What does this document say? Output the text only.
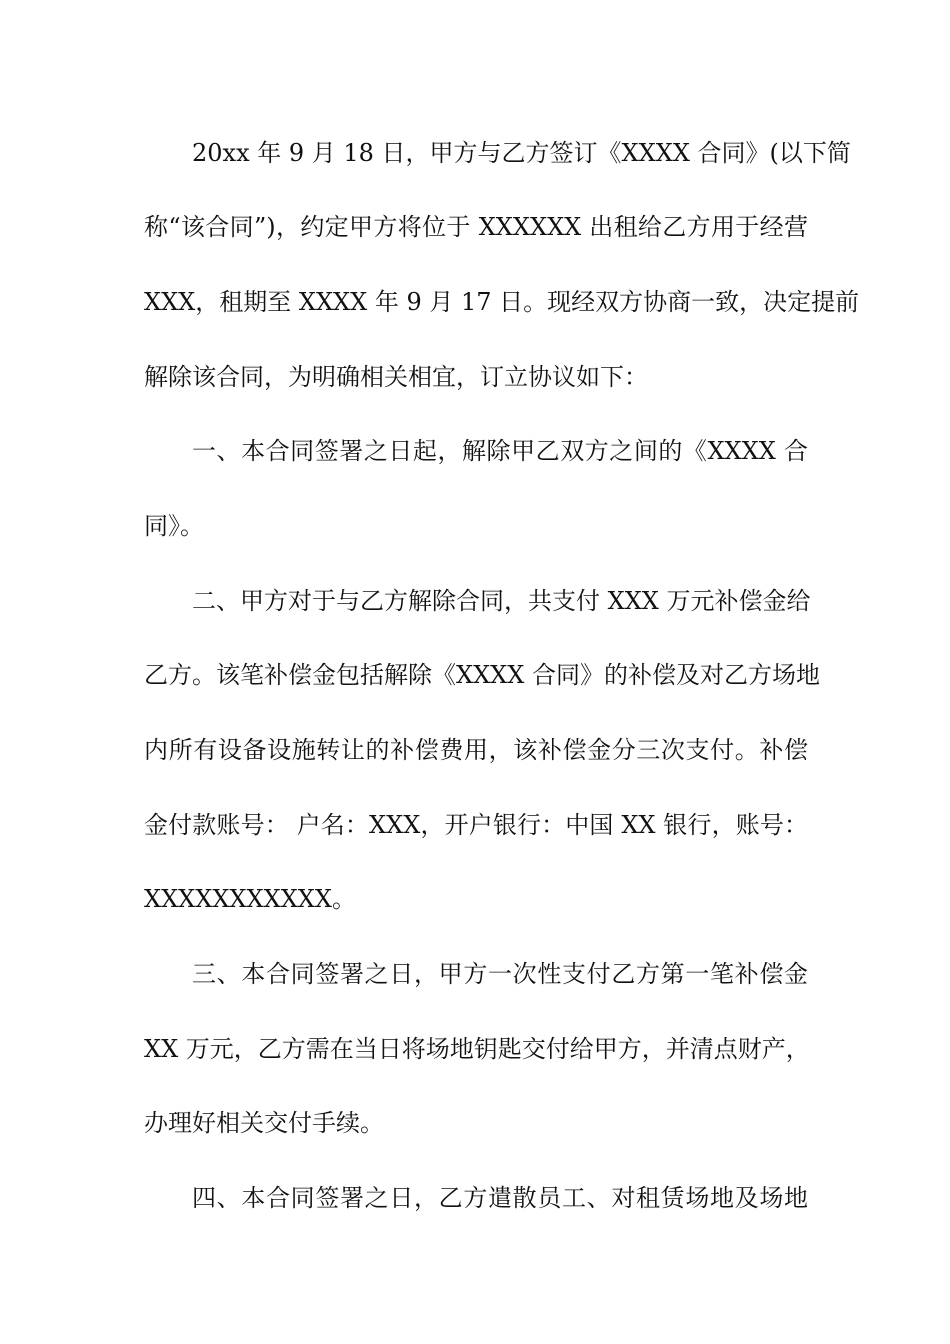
20xx 年 9 月 18 日，甲方与乙方签订《XXXX 合同》(以下简
称“该合同”)，约定甲方将位于 XXXXXX 出租给乙方用于经营
XXX，租期至 XXXX 年 9 月 17 日。现经双方协商一致，决定提前
解除该合同，为明确相关相宜，订立协议如下：
一、本合同签署之日起，解除甲乙双方之间的《XXXX 合
同》。
二、甲方对于与乙方解除合同，共支付 XXX 万元补偿金给
乙方。该笔补偿金包括解除《XXXX 合同》的补偿及对乙方场地
内所有设备设施转让的补偿费用，该补偿金分三次支付。补偿
金付款账号： 户名：XXX，开户银行：中国 XX 银行，账号：
XXXXXXXXXXX。
三、本合同签署之日，甲方一次性支付乙方第一笔补偿金
XX 万元，乙方需在当日将场地钥匙交付给甲方，并清点财产，
办理好相关交付手续。
四、本合同签署之日，乙方遣散员工、对租赁场地及场地
